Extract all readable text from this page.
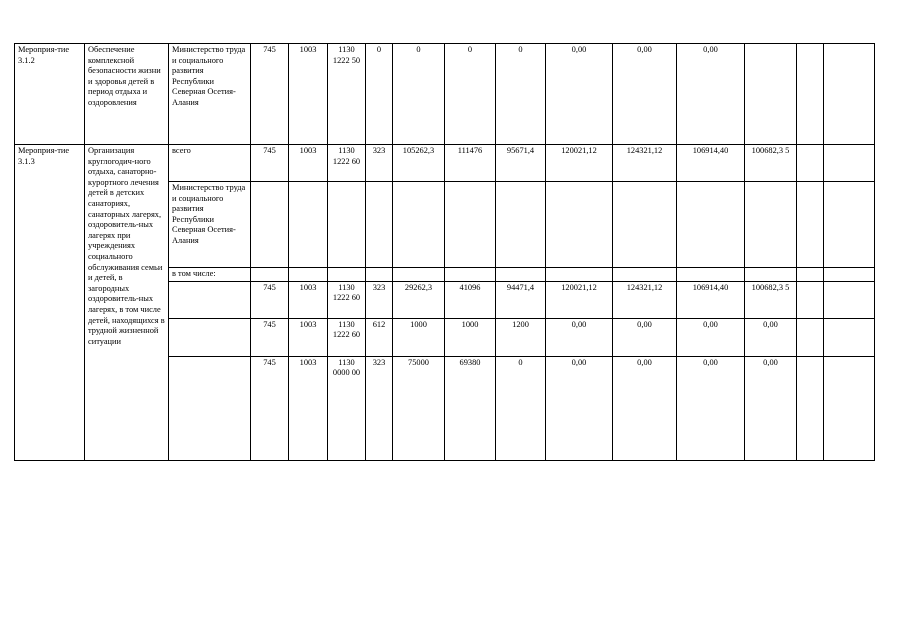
Мероприя-тие 3.1.2	Обеспечение комплексной безопасности жизни и здоровья детей в период отдыха и оздоровления	Министерство труда и социального развития Республики Северная Осетия-Алания	745	1003	1130 1222 50	0	0	0	0	0,00	0,00	0,00			
Мероприя-тие 3.1.3	Организация круглогодич-ного отдыха, санаторно-курортного лечения детей в детских санаториях, санаторных лагерях, оздоровитель-ных лагерях при учреждениях социального обслуживания семьи и детей, в загородных оздоровитель-ных лагерях, в том числе детей, находящихся в трудной жизненной ситуации	всего	745	1003	1130 1222 60	323	105262,3	111476	95671,4	120021,12	124321,12	106914,40	100682,3 5		
		Министерство труда и социального развития Республики Северная Осетия-Алания													
		в том числе:													
			745	1003	1130 1222 60	323	29262,3	41096	94471,4	120021,12	124321,12	106914,40	100682,3 5		
			745	1003	1130 1222 60	612	1000	1000	1200	0,00	0,00	0,00	0,00		
			745	1003	1130 0000 00	323	75000	69380	0	0,00	0,00	0,00	0,00		
